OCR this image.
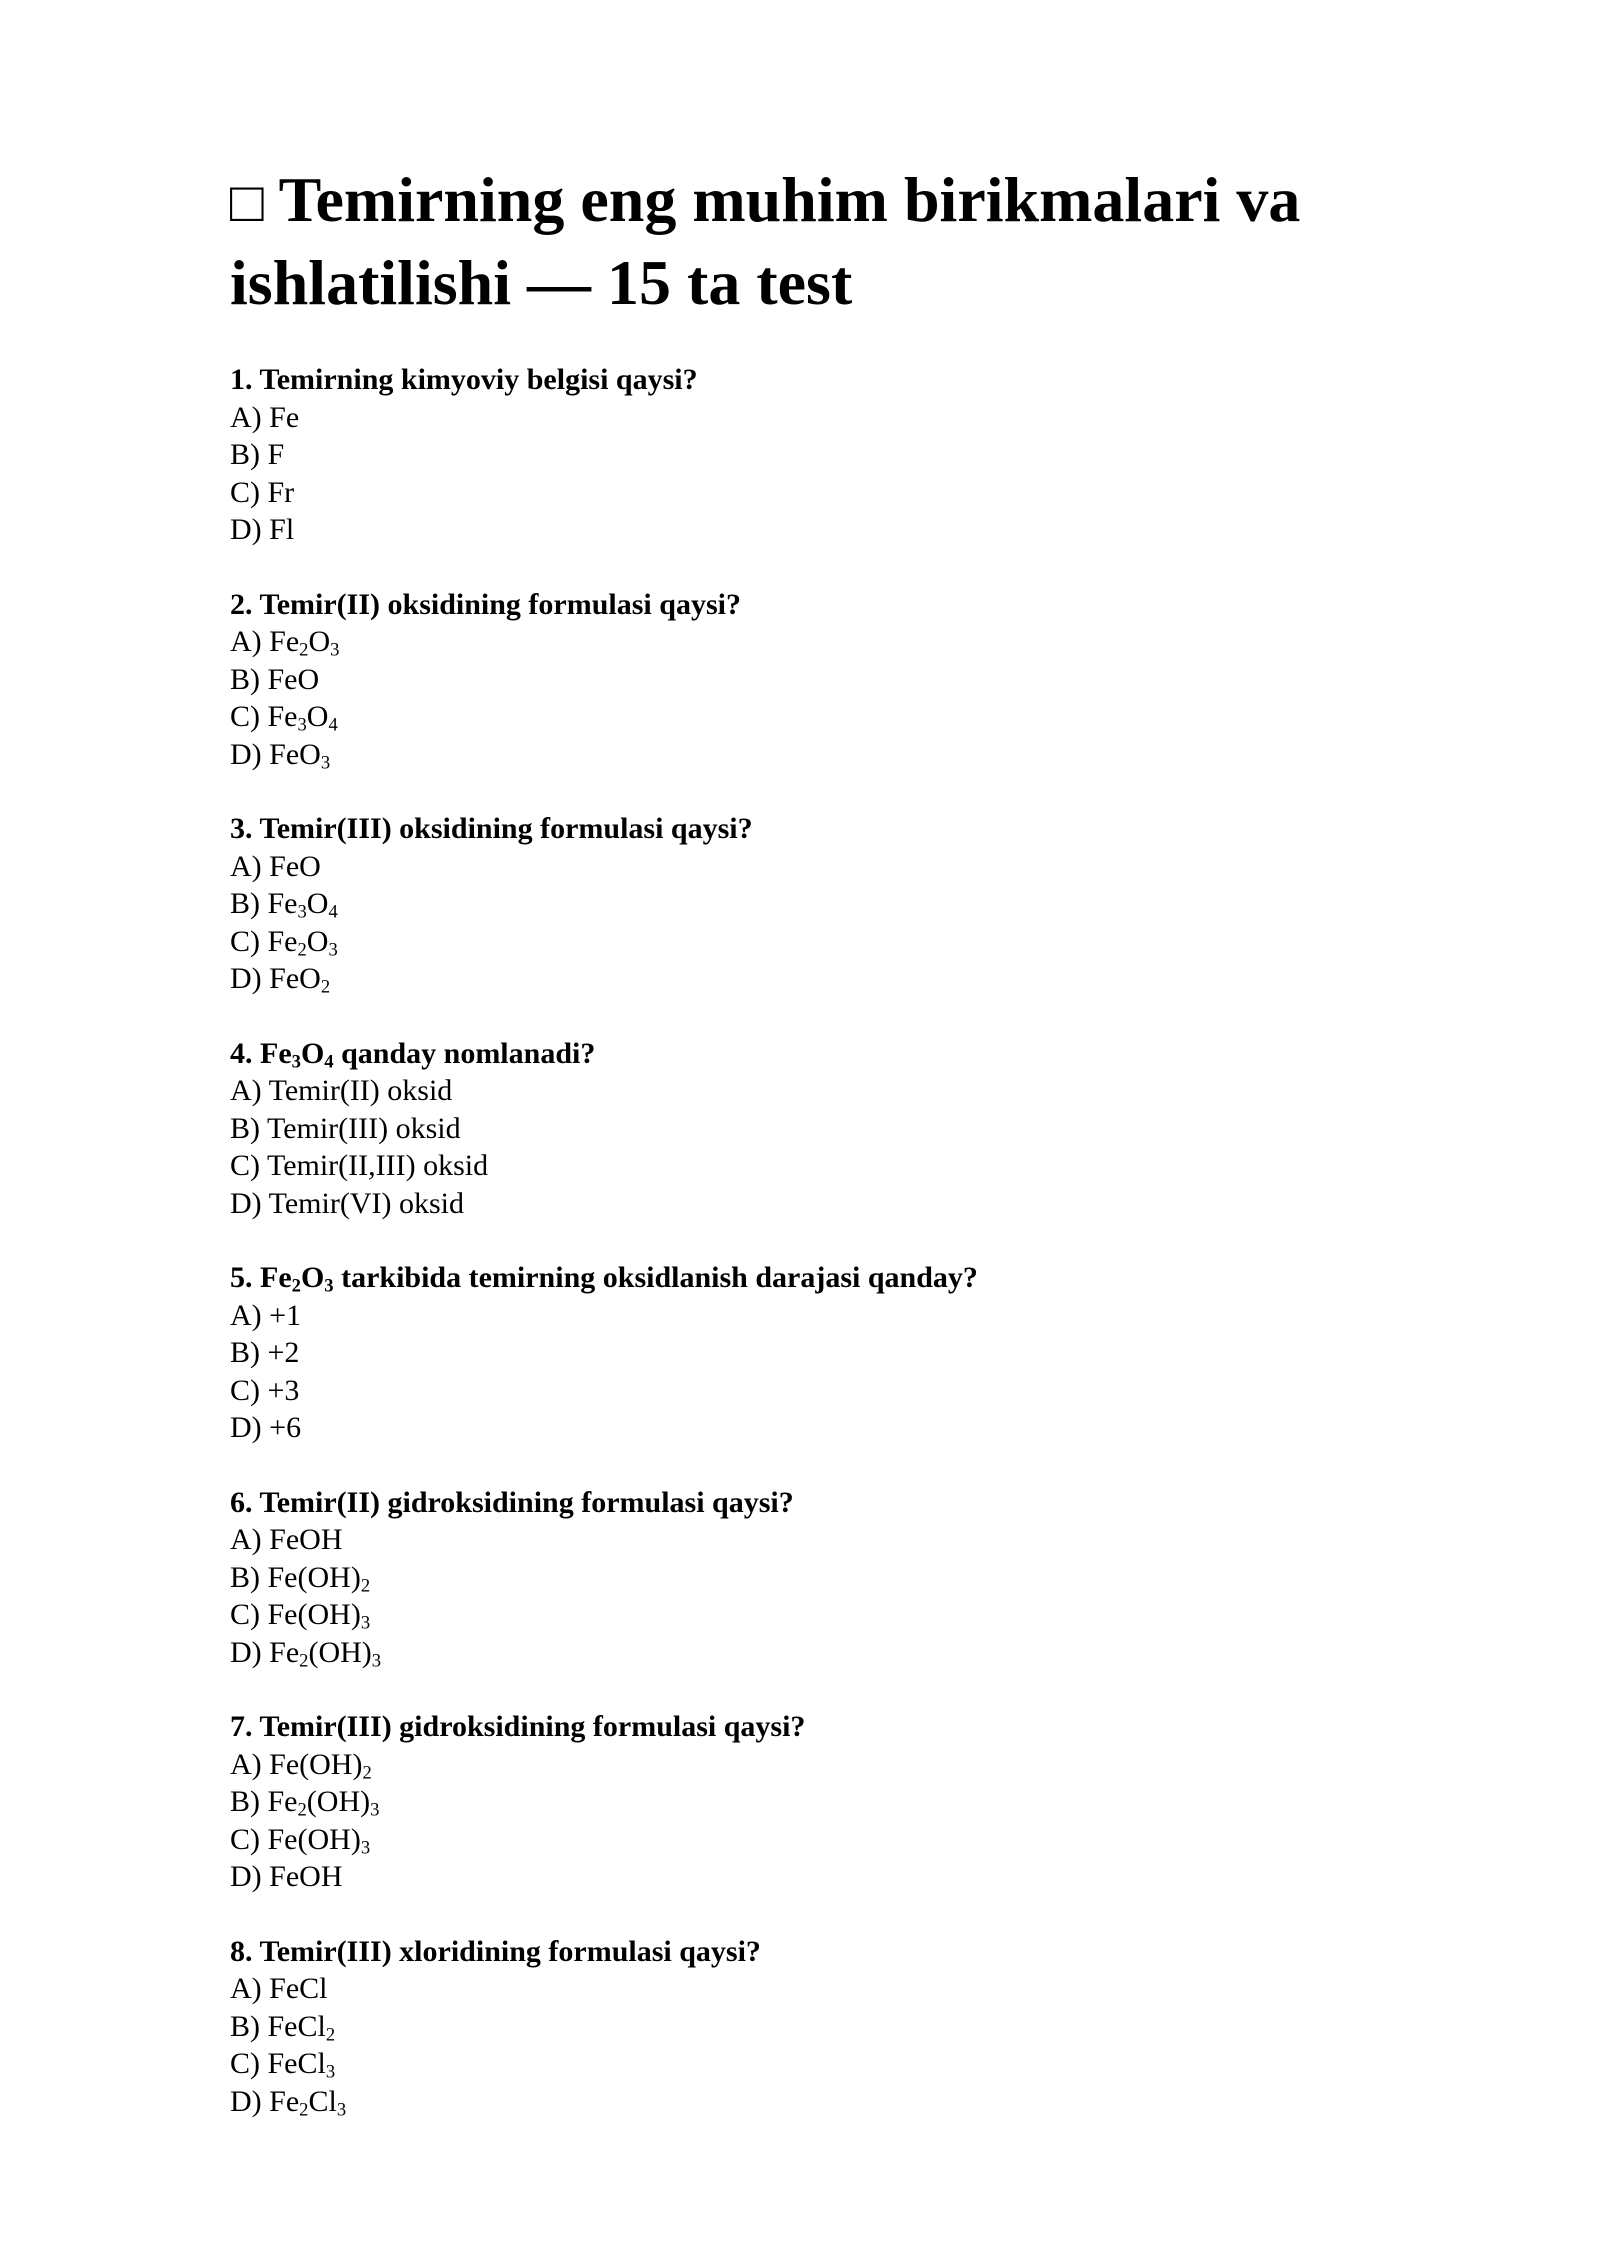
□ Temirning eng muhim birikmalari va ishlatilishi — 15 ta test
1. Temirning kimyoviy belgisi qaysi?
A) Fe
B) F
C) Fr
D) Fl
2. Temir(II) oksidining formulasi qaysi?
A) $Fe_2O_3$
B) FeO
C) $Fe_3O_4$
D) FeO$_3$
3. Temir(III) oksidining formulasi qaysi?
A) FeO
B) $Fe_3O_4$
C) $Fe_2O_3$
D) FeO$_2$
4. $Fe_3O_4$ qanday nomlanadi?
A) Temir(II) oksid
B) Temir(III) oksid
C) Temir(II,III) oksid
D) Temir(VI) oksid
5. $Fe_2O_3$ tarkibida temirning oksidlanish darajasi qanday?
A) +1
B) +2
C) +3
D) +6
6. Temir(II) gidroksidining formulasi qaysi?
A) FeOH
B) $Fe(OH)_2$
C) $Fe(OH)_3$
D) $Fe_2(OH)_3$
7. Temir(III) gidroksidining formulasi qaysi?
A) $Fe(OH)_2$
B) $Fe_2(OH)_3$
C) $Fe(OH)_3$
D) FeOH
8. Temir(III) xloridining formulasi qaysi?
A) FeCl
B) FeCl$_2$
C) FeCl$_3$
D) $Fe_2Cl_3$
